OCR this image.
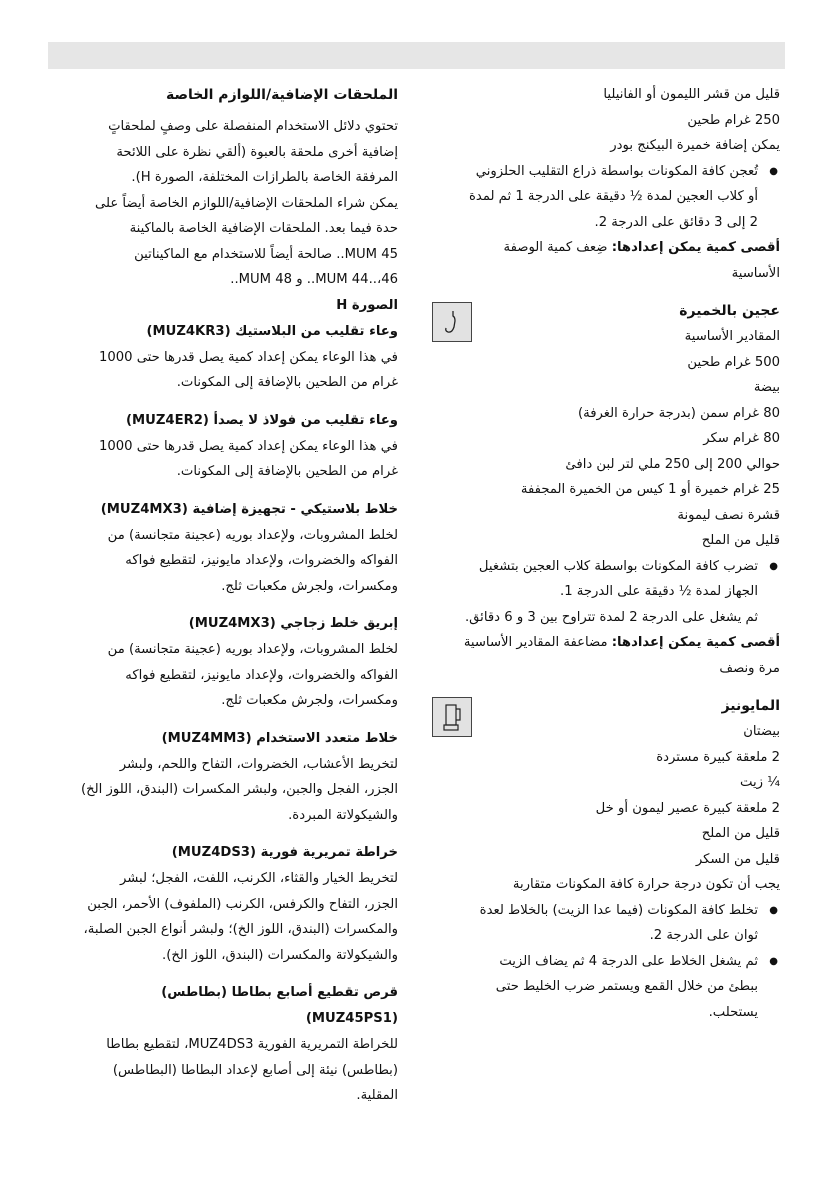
الملحقات الإضافية/اللوازم الخاصة

تحتوي دلائل الاستخدام المنفصلة على وصفٍ لملحقاتٍ

إضافية أخرى ملحقة بالعبوة (ألقي نظرة على اللائحة

المرفقة الخاصة بالطرازات المختلفة، الصورة H).

يمكن شراء الملحقات الإضافية/اللوازم الخاصة أيضاً على

حدة فيما بعد. الملحقات الإضافية الخاصة بالماكينة

MUM 45.. صالحة أيضاً للاستخدام مع الماكيناتين

MUM 44..،46.. و MUM 48..

الصورة H

وعاء تقليب من البلاستيك (MUZ4KR3)

في هذا الوعاء يمكن إعداد كمية يصل قدرها حتى 1000

غرام من الطحين بالإضافة إلى المكونات.

وعاء تقليب من فولاذ لا يصدأ (MUZ4ER2)

في هذا الوعاء يمكن إعداد كمية يصل قدرها حتى 1000

غرام من الطحين بالإضافة إلى المكونات.

خلاط بلاستيكي - تجهيزة إضافية (MUZ4MX3)

لخلط المشروبات، ولإعداد بوريه (عجينة متجانسة) من

الفواكه والخضروات، ولإعداد مايونيز، لتقطيع فواكه

ومكسرات، ولجرش مكعبات ثلج.

إبريق خلط زجاجي (MUZ4MX3)

لخلط المشروبات، ولإعداد بوريه (عجينة متجانسة) من

الفواكه والخضروات، ولإعداد مايونيز، لتقطيع فواكه

ومكسرات، ولجرش مكعبات ثلج.

خلاط متعدد الاستخدام (MUZ4MM3)

لتخريط الأعشاب، الخضروات، التفاح واللحم، ولبشر

الجزر، الفجل والجبن، ولبشر المكسرات (البندق، اللوز الخ)

والشيكولاتة المبردة.

خراطة تمريرية فورية (MUZ4DS3)

لتخريط الخيار والقثاء، الكرنب، اللفت، الفجل؛ لبشر

الجزر، التفاح والكرفس، الكرنب (الملفوف) الأحمر، الجبن

والمكسرات (البندق، اللوز الخ)؛ ولبشر أنواع الجبن الصلبة،

والشيكولاتة والمكسرات (البندق، اللوز الخ).

قرص تقطيع أصابع بطاطا (بطاطس)

(MUZ45PS1)

للخراطة التمريرية الفورية MUZ4DS3، لتقطيع بطاطا

(بطاطس) نيئة إلى أصابع لإعداد البطاطا (البطاطس)

المقلية.

قليل من قشر الليمون أو الفانيليا

250 غرام طحين

يمكن إضافة خميرة البيكنج بودر

● تُعجن كافة المكونات بواسطة ذراع التقليب الحلزوني
أو كلاب العجين لمدة ½ دقيقة على الدرجة 1 ثم لمدة
2 إلى 3 دقائق على الدرجة 2.

أقصى كمية يمكن إعدادها: ضِعف كمية الوصفة

الأساسية

عجين بالخميرة

المقادير الأساسية

500 غرام طحين

بيضة

80 غرام سمن (بدرجة حرارة الغرفة)

80 غرام سكر

حوالي 200 إلى 250 ملي لتر لبن دافئ

25 غرام خميرة أو 1 كيس من الخميرة المجففة

قشرة نصف ليمونة

قليل من الملح

● تضرب كافة المكونات بواسطة كلاب العجين بتشغيل
الجهاز لمدة ½ دقيقة على الدرجة 1.

ثم يشغل على الدرجة 2 لمدة تتراوح بين 3 و 6 دقائق.

أقصى كمية يمكن إعدادها: مضاعفة المقادير الأساسية

مرة ونصف

المايونيز

بيضتان

2 ملعقة كبيرة مستردة

¼ زيت

2 ملعقة كبيرة عصير ليمون أو خل

قليل من الملح

قليل من السكر

يجب أن تكون درجة حرارة كافة المكونات متقاربة

● تخلط كافة المكونات (فيما عدا الزيت) بالخلاط لعدة
ثوان على الدرجة 2.
● ثم يشغل الخلاط على الدرجة 4 ثم يضاف الزيت
ببطئ من خلال القمع ويستمر ضرب الخليط حتى
يستحلب.
